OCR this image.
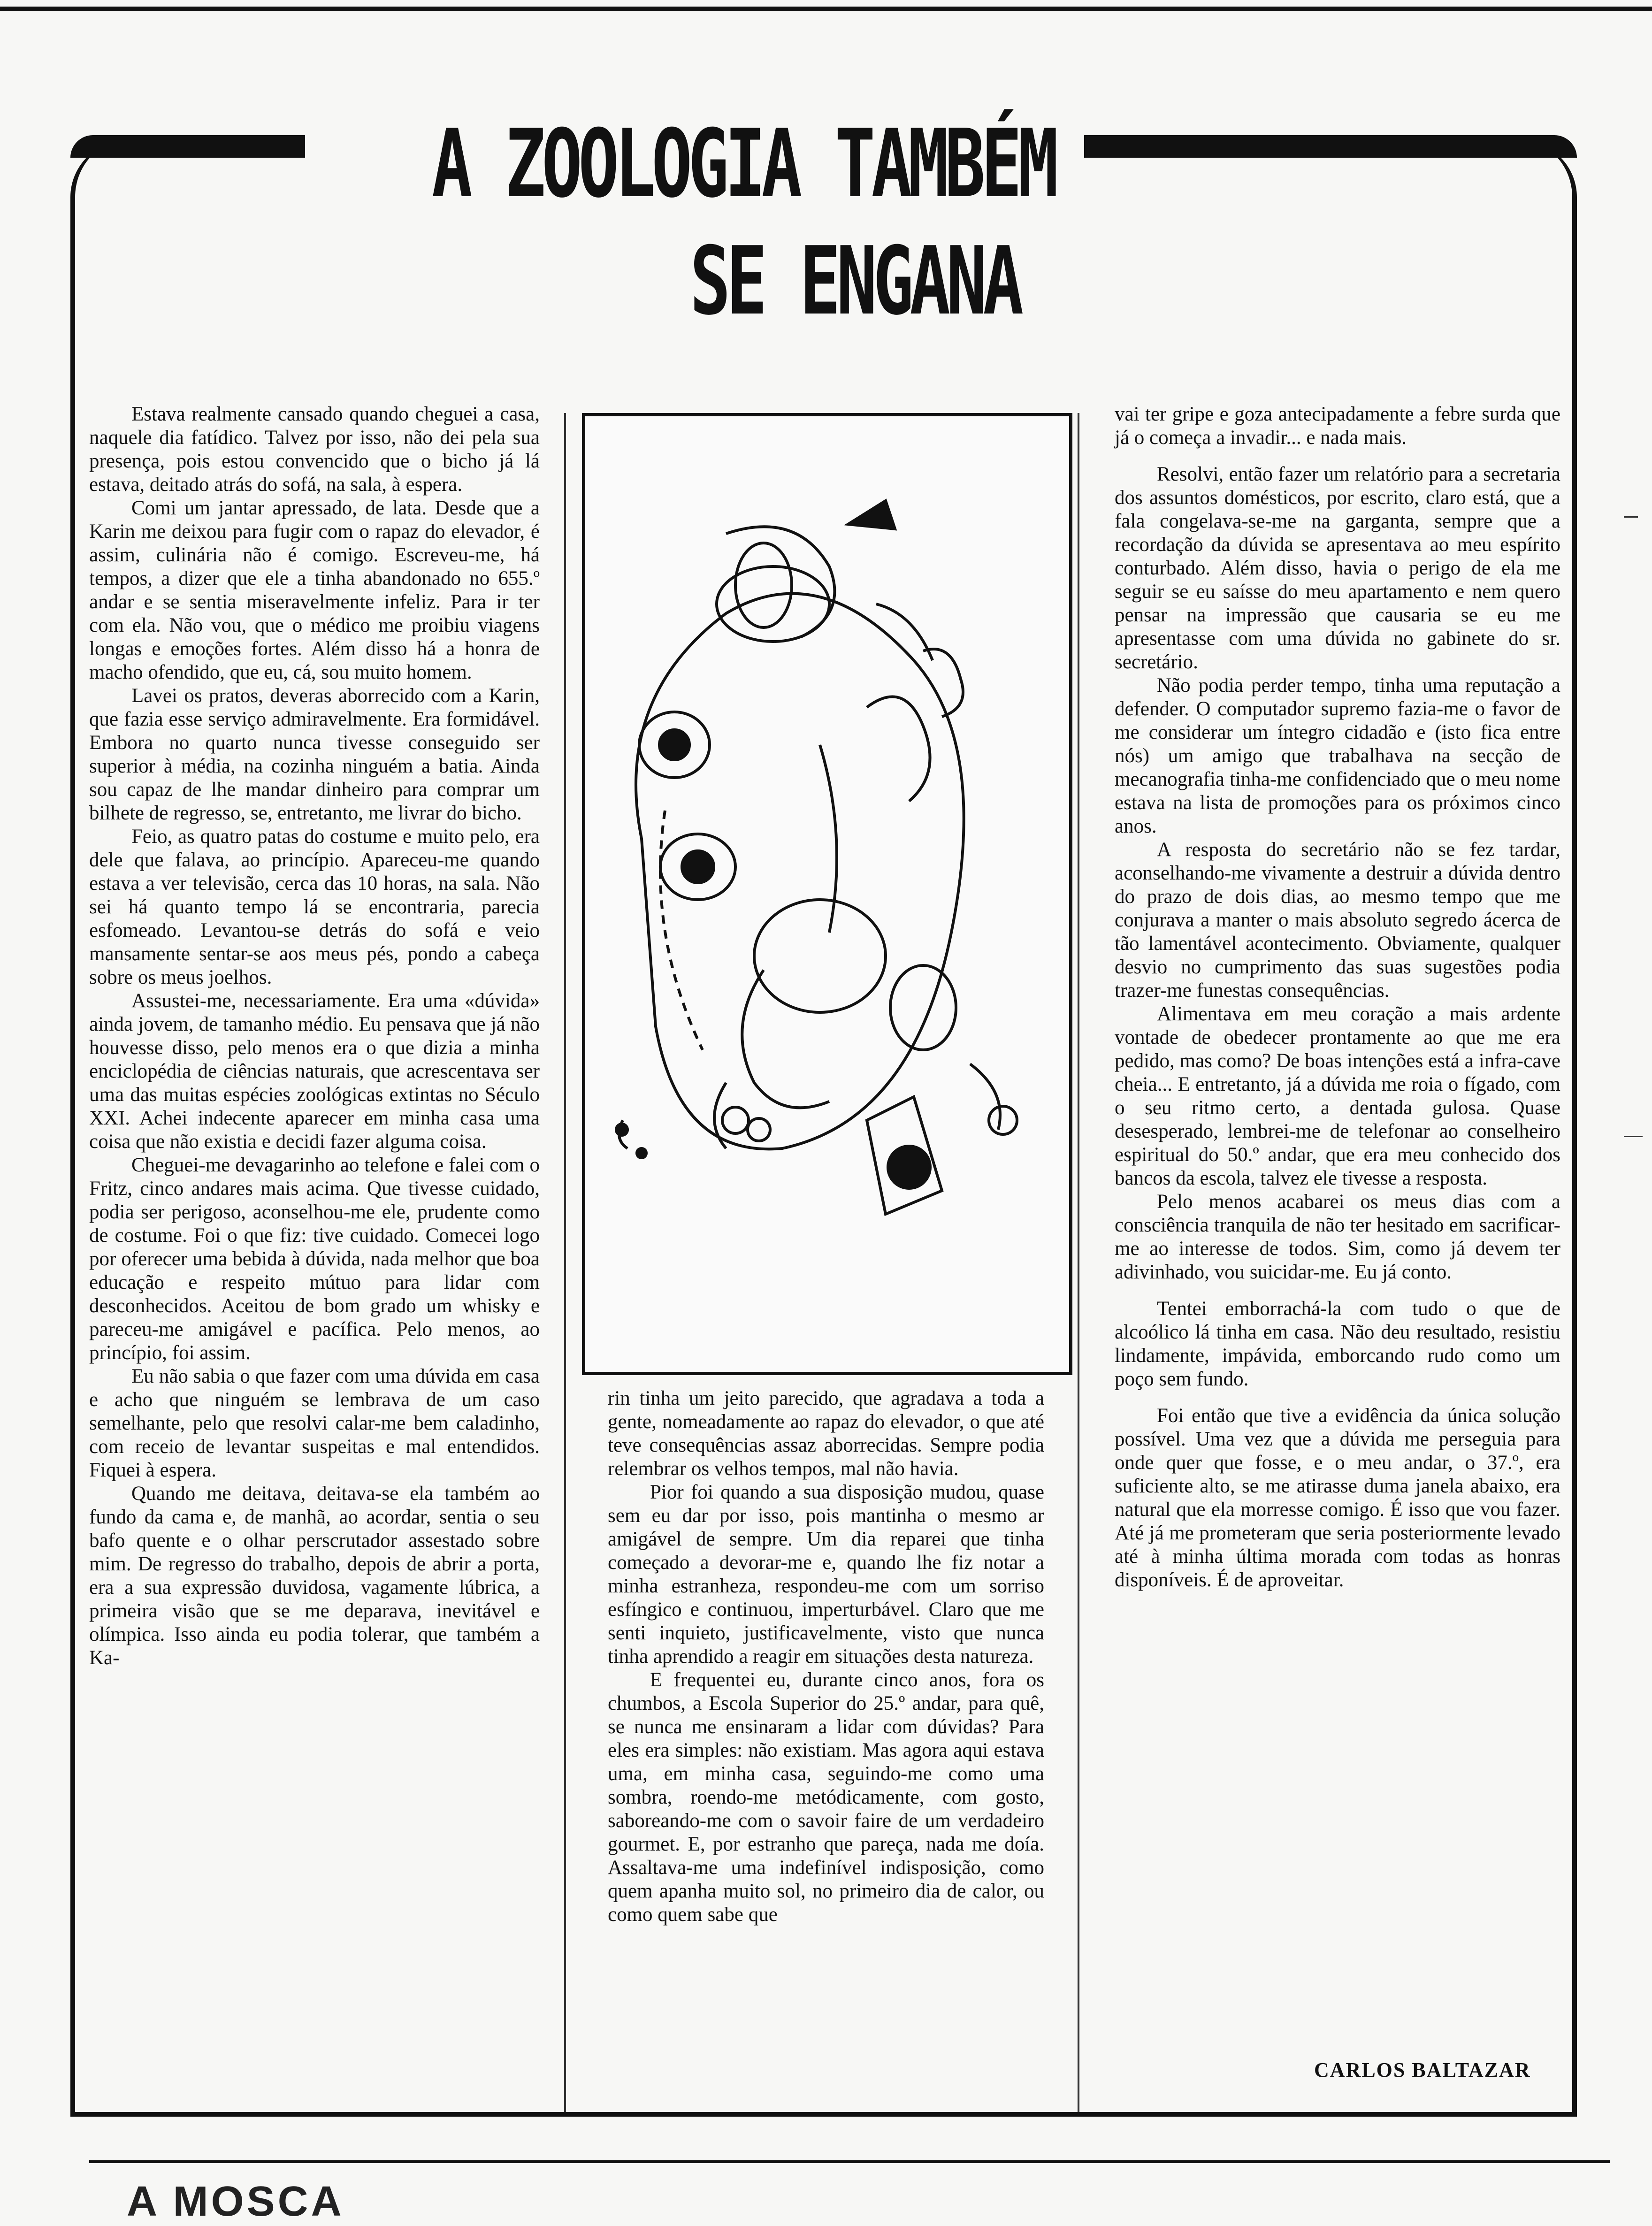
A ZOOLOGIA TAMBÉM
SE ENGANA

Estava realmente cansado quando cheguei a casa, naquele dia fatídico. Talvez por isso, não dei pela sua presença, pois estou convencido que o bicho já lá estava, deitado atrás do sofá, na sala, à espera.

Comi um jantar apressado, de lata. Desde que a Karin me deixou para fugir com o rapaz do elevador, é assim, culinária não é comigo. Escreveu-me, há tempos, a dizer que ele a tinha abandonado no 655.º andar e se sentia miseravelmente infeliz. Para ir ter com ela. Não vou, que o médico me proibiu viagens longas e emoções fortes. Além disso há a honra de macho ofendido, que eu, cá, sou muito homem.

Lavei os pratos, deveras aborrecido com a Karin, que fazia esse serviço admiravelmente. Era formidável. Embora no quarto nunca tivesse conseguido ser superior à média, na cozinha ninguém a batia. Ainda sou capaz de lhe mandar dinheiro para comprar um bilhete de regresso, se, entretanto, me livrar do bicho.

Feio, as quatro patas do costume e muito pelo, era dele que falava, ao princípio. Apareceu-me quando estava a ver televisão, cerca das 10 horas, na sala. Não sei há quanto tempo lá se encontraria, parecia esfomeado. Levantou-se detrás do sofá e veio mansamente sentar-se aos meus pés, pondo a cabeça sobre os meus joelhos.

Assustei-me, necessariamente. Era uma «dúvida» ainda jovem, de tamanho médio. Eu pensava que já não houvesse disso, pelo menos era o que dizia a minha enciclopédia de ciências naturais, que acrescentava ser uma das muitas espécies zoológicas extintas no Século XXI. Achei indecente aparecer em minha casa uma coisa que não existia e decidi fazer alguma coisa.

Cheguei-me devagarinho ao telefone e falei com o Fritz, cinco andares mais acima. Que tivesse cuidado, podia ser perigoso, aconselhou-me ele, prudente como de costume. Foi o que fiz: tive cuidado. Comecei logo por oferecer uma bebida à dúvida, nada melhor que boa educação e respeito mútuo para lidar com desconhecidos. Aceitou de bom grado um whisky e pareceu-me amigável e pacífica. Pelo menos, ao princípio, foi assim.

Eu não sabia o que fazer com uma dúvida em casa e acho que ninguém se lembrava de um caso semelhante, pelo que resolvi calar-me bem caladinho, com receio de levantar suspeitas e mal entendidos. Fiquei à espera.

Quando me deitava, deitava-se ela também ao fundo da cama e, de manhã, ao acordar, sentia o seu bafo quente e o olhar perscrutador assestado sobre mim. De regresso do trabalho, depois de abrir a porta, era a sua expressão duvidosa, vagamente lúbrica, a primeira visão que se me deparava, inevitável e olímpica. Isso ainda eu podia tolerar, que também a Ka-

rin tinha um jeito parecido, que agradava a toda a gente, nomeadamente ao rapaz do elevador, o que até teve consequências assaz aborrecidas. Sempre podia relembrar os velhos tempos, mal não havia.

Pior foi quando a sua disposição mudou, quase sem eu dar por isso, pois mantinha o mesmo ar amigável de sempre. Um dia reparei que tinha começado a devorar-me e, quando lhe fiz notar a minha estranheza, respondeu-me com um sorriso esfíngico e continuou, imperturbável. Claro que me senti inquieto, justificavelmente, visto que nunca tinha aprendido a reagir em situações desta natureza.

E frequentei eu, durante cinco anos, fora os chumbos, a Escola Superior do 25.º andar, para quê, se nunca me ensinaram a lidar com dúvidas? Para eles era simples: não existiam. Mas agora aqui estava uma, em minha casa, seguindo-me como uma sombra, roendo-me metódicamente, com gosto, saboreando-me com o savoir faire de um verdadeiro gourmet. E, por estranho que pareça, nada me doía. Assaltava-me uma indefinível indisposição, como quem apanha muito sol, no primeiro dia de calor, ou como quem sabe que

vai ter gripe e goza antecipadamente a febre surda que já o começa a invadir... e nada mais.

Resolvi, então fazer um relatório para a secretaria dos assuntos domésticos, por escrito, claro está, que a fala congelava-se-me na garganta, sempre que a recordação da dúvida se apresentava ao meu espírito conturbado. Além disso, havia o perigo de ela me seguir se eu saísse do meu apartamento e nem quero pensar na impressão que causaria se eu me apresentasse com uma dúvida no gabinete do sr. secretário.

Não podia perder tempo, tinha uma reputação a defender. O computador supremo fazia-me o favor de me considerar um íntegro cidadão e (isto fica entre nós) um amigo que trabalhava na secção de mecanografia tinha-me confidenciado que o meu nome estava na lista de promoções para os próximos cinco anos.

A resposta do secretário não se fez tardar, aconselhando-me vivamente a destruir a dúvida dentro do prazo de dois dias, ao mesmo tempo que me conjurava a manter o mais absoluto segredo ácerca de tão lamentável acontecimento. Obviamente, qualquer desvio no cumprimento das suas sugestões podia trazer-me funestas consequências.

Alimentava em meu coração a mais ardente vontade de obedecer prontamente ao que me era pedido, mas como? De boas intenções está a infra-cave cheia... E entretanto, já a dúvida me roia o fígado, com o seu ritmo certo, a dentada gulosa. Quase desesperado, lembrei-me de telefonar ao conselheiro espiritual do 50.º andar, que era meu conhecido dos bancos da escola, talvez ele tivesse a resposta.

Pelo menos acabarei os meus dias com a consciência tranquila de não ter hesitado em sacrificar-me ao interesse de todos. Sim, como já devem ter adivinhado, vou suicidar-me. Eu já conto.

Tentei emborrachá-la com tudo o que de alcoólico lá tinha em casa. Não deu resultado, resistiu lindamente, impávida, emborcando rudo como um poço sem fundo.

Foi então que tive a evidência da única solução possível. Uma vez que a dúvida me perseguia para onde quer que fosse, e o meu andar, o 37.º, era suficiente alto, se me atirasse duma janela abaixo, era natural que ela morresse comigo. É isso que vou fazer. Até já me prometeram que seria posteriormente levado até à minha última morada com todas as honras disponíveis. É de aproveitar.

CARLOS BALTAZAR
A MOSCA
